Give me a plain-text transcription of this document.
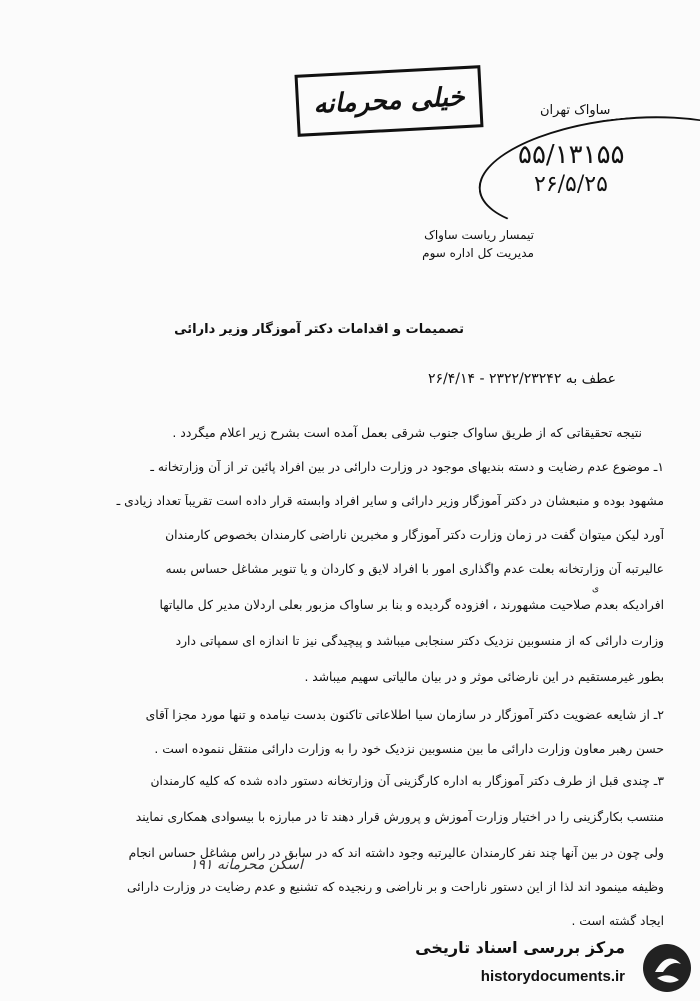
خیلی محرمانه	ساواک تهران
۵۵/۱۳۱۵۵
۲۶/۵/۲۵
تیمسار ریاست ساواک
مدیریت کل اداره سوم
تصمیمات و اقدامات دکتر آموزگار وزیر دارائی
عطف به ۲۳۲۲/۲۳۲۴۲ - ۲۶/۴/۱۴
نتیجه تحقیقاتی که از طریق ساواک جنوب شرقی بعمل آمده است بشرح زیر اعلام میگردد .
۱ـ موضوع عدم رضایت و دسته بندیهای موجود در وزارت دارائی در بین افراد پائین تر از آن وزارتخانه ـ
مشهود بوده و منبعشان در دکتر آموزگار وزیر دارائی و سایر افراد وابسته قرار داده است تقریباً تعداد زیادی ـ
آورد لیکن میتوان گفت در زمان وزارت دکتر آموزگار و مخبرین ناراضی کارمندان بخصوص کارمندان
عالیرتبه آن وزارتخانه بعلت عدم واگذاری امور با افراد لایق و کاردان و یا تنویر مشاغل حساس بسه
افرادیکه بعدم صلاحیت مشهورند ، افزوده گردیده و بنا بر ساواک مزبور بعلی اردلان مدیر کل مالیاتها
وزارت دارائی که از منسوبین نزدیک دکتر سنجابی میباشد و پیچیدگی نیز تا اندازه ای سمپاتی دارد
بطور غیرمستقیم در این نارضائی موثر و در بیان مالیاتی سهیم میباشد .
۲ـ از شایعه عضویت دکتر آموزگار در سازمان سیا اطلاعاتی تاکنون بدست نیامده و تنها مورد مجزا آقای
حسن رهبر معاون وزارت دارائی ما بین منسوبین نزدیک خود را به وزارت دارائی منتقل ننموده است .
۳ـ چندی قبل از طرف دکتر آموزگار به اداره کارگزینی آن وزارتخانه دستور داده شده که کلیه کارمندان
منتسب بکارگزینی را در اختیار وزارت آموزش و پرورش قرار دهند تا در مبارزه با بیسوادی همکاری نمایند
ولی چون در بین آنها چند نفر کارمندان عالیرتبه وجود داشته اند که در سابق در راس مشاغل حساس انجام
وظیفه مینمود اند لذا از این دستور ناراحت و بر ناراضی و رنجیده که تشنیع و عدم رضایت در وزارت دارائی
ایجاد گشته است .
ی
اسکن محرمانه ۱۹۱
مرکز بررسی اسناد تاریخی
historydocuments.ir
